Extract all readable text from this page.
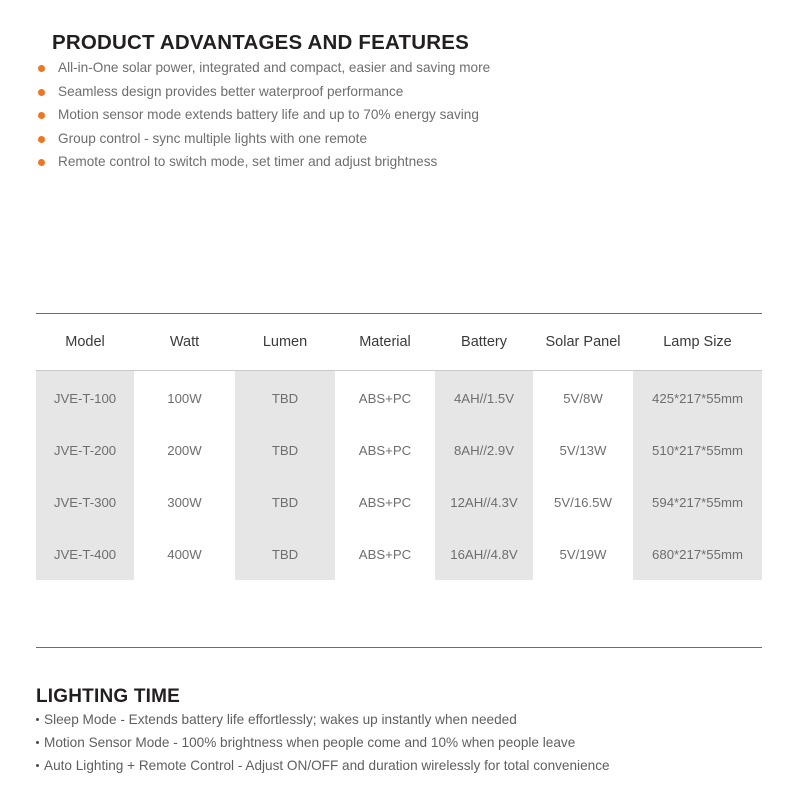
PRODUCT ADVANTAGES AND FEATURES
All-in-One solar power, integrated and compact, easier and saving more
Seamless design provides better waterproof performance
Motion sensor mode extends battery life and up to 70% energy saving
Group control - sync multiple lights with one remote
Remote control to switch mode, set timer and adjust brightness
Model	Watt	Lumen	Material	Battery	Solar Panel	Lamp Size
JVE-T-100	100W	TBD	ABS+PC	4AH//1.5V	5V/8W	425*217*55mm
JVE-T-200	200W	TBD	ABS+PC	8AH//2.9V	5V/13W	510*217*55mm
JVE-T-300	300W	TBD	ABS+PC	12AH//4.3V	5V/16.5W	594*217*55mm
JVE-T-400	400W	TBD	ABS+PC	16AH//4.8V	5V/19W	680*217*55mm
LIGHTING TIME
Sleep Mode - Extends battery life effortlessly; wakes up instantly when needed
Motion Sensor Mode - 100% brightness when people come and 10% when people leave
Auto Lighting + Remote Control - Adjust ON/OFF and duration wirelessly for total convenience
